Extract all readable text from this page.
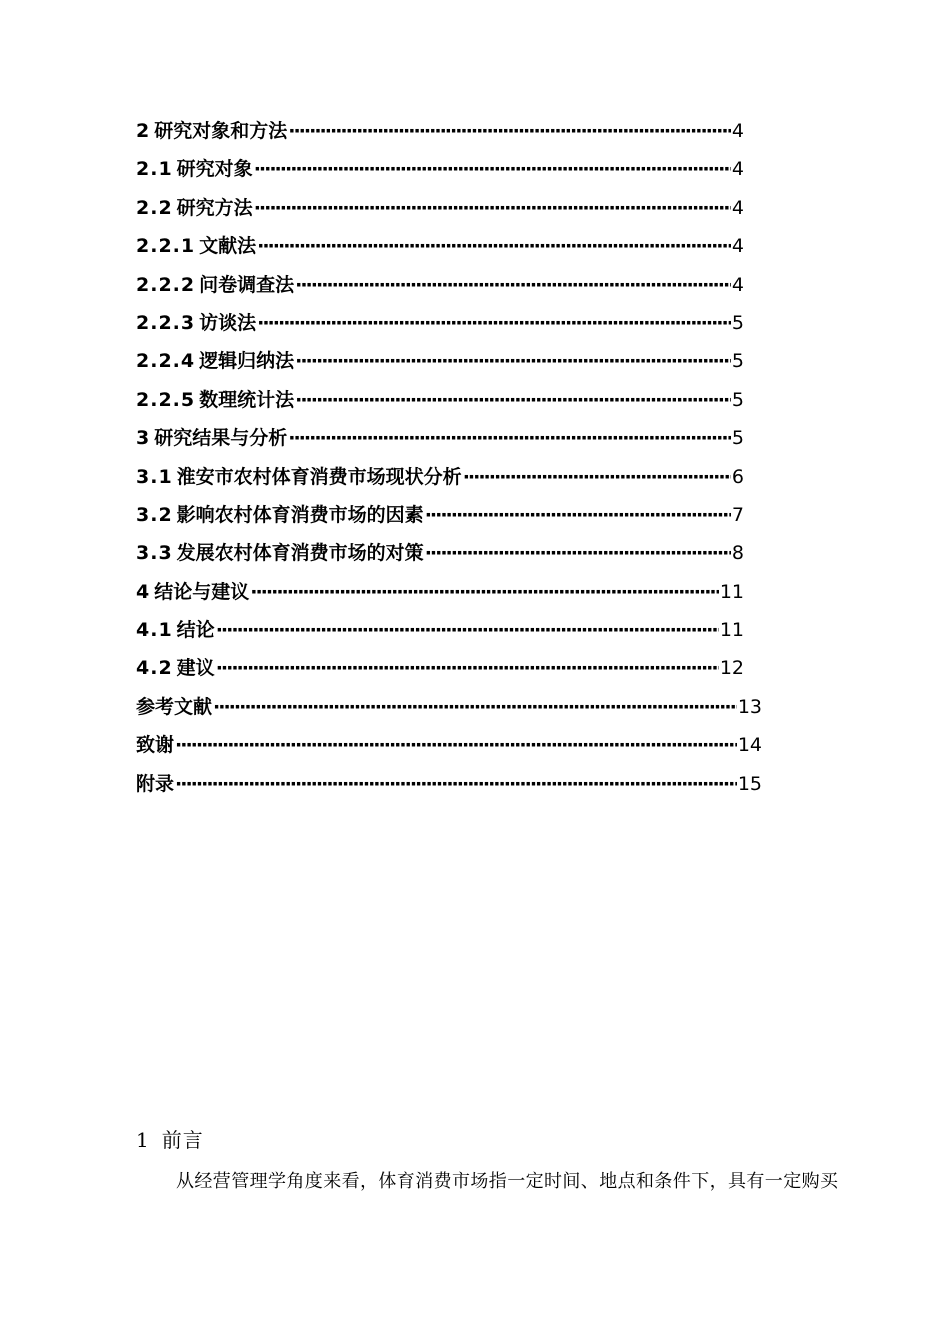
2 研究对象和方法 ·····	4
2.1 研究对象 ·····	4
2.2 研究方法 ·····	4
2.2.1 文献法 ·····	4
2.2.2 问卷调查法 ·····	4
2.2.3 访谈法 ·····	5
2.2.4 逻辑归纳法 ·····	5
2.2.5 数理统计法 ·····	5
3 研究结果与分析 ·····	5
3.1 淮安市农村体育消费市场现状分析 ·····	6
3.2 影响农村体育消费市场的因素 ·····	7
3.3 发展农村体育消费市场的对策 ·····	8
4 结论与建议 ·····	11
4.1 结论 ·····	11
4.2 建议 ·····	12
参考文献 ·····	13
致谢 ·····	14
附录 ·····	15
1 前言

从经营管理学角度来看，体育消费市场指一定时间、地点和条件下，具有一定购买
